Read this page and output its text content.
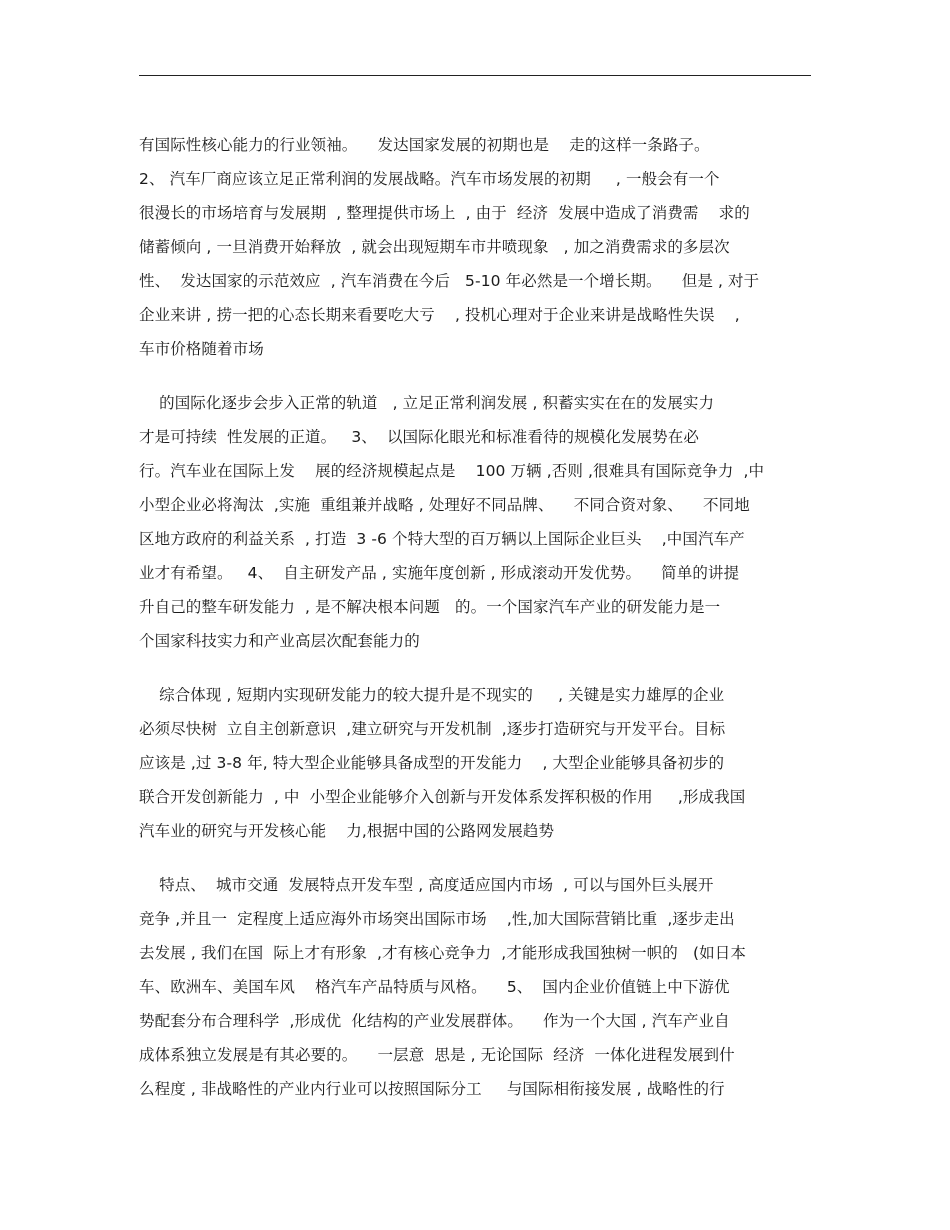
有国际性核心能力的行业领袖。    发达国家发展的初期也是    走的这样一条路子。
2、 汽车厂商应该立足正常利润的发展战略。汽车市场发展的初期     , 一般会有一个
很漫长的市场培育与发展期  , 整理提供市场上  , 由于  经济  发展中造成了消费需    求的
储蓄倾向 , 一旦消费开始释放  , 就会出现短期车市井喷现象   , 加之消费需求的多层次
性、  发达国家的示范效应  , 汽车消费在今后   5-10 年必然是一个增长期。    但是 , 对于
企业来讲 , 捞一把的心态长期来看要吃大亏    , 投机心理对于企业来讲是战略性失误    ,
车市价格随着市场
的国际化逐步会步入正常的轨道   , 立足正常利润发展 , 积蓄实实在在的发展实力
才是可持续  性发展的正道。   3、  以国际化眼光和标准看待的规模化发展势在必
行。汽车业在国际上发    展的经济规模起点是    100 万辆 ,否则 ,很难具有国际竞争力  ,中
小型企业必将淘汰  ,实施  重组兼并战略 , 处理好不同品牌、    不同合资对象、    不同地
区地方政府的利益关系  , 打造  3 -6 个特大型的百万辆以上国际企业巨头    ,中国汽车产
业才有希望。   4、  自主研发产品 , 实施年度创新 , 形成滚动开发优势。    简单的讲提
升自己的整车研发能力  , 是不解决根本问题   的。一个国家汽车产业的研发能力是一
个国家科技实力和产业高层次配套能力的
综合体现 , 短期内实现研发能力的较大提升是不现实的     , 关键是实力雄厚的企业
必须尽快树  立自主创新意识  ,建立研究与开发机制  ,逐步打造研究与开发平台。目标
应该是 ,过 3-8 年, 特大型企业能够具备成型的开发能力    , 大型企业能够具备初步的
联合开发创新能力  , 中  小型企业能够介入创新与开发体系发挥积极的作用     ,形成我国
汽车业的研究与开发核心能    力,根据中国的公路网发展趋势
特点、  城市交通  发展特点开发车型 , 高度适应国内市场  , 可以与国外巨头展开
竞争 ,并且一  定程度上适应海外市场突出国际市场    ,性,加大国际营销比重  ,逐步走出
去发展 , 我们在国  际上才有形象  ,才有核心竞争力  ,才能形成我国独树一帜的   (如日本
车、欧洲车、美国车风    格汽车产品特质与风格。    5、  国内企业价值链上中下游优
势配套分布合理科学  ,形成优  化结构的产业发展群体。    作为一个大国 , 汽车产业自
成体系独立发展是有其必要的。    一层意  思是 , 无论国际  经济  一体化进程发展到什
么程度 , 非战略性的产业内行业可以按照国际分工     与国际相衔接发展 , 战略性的行
